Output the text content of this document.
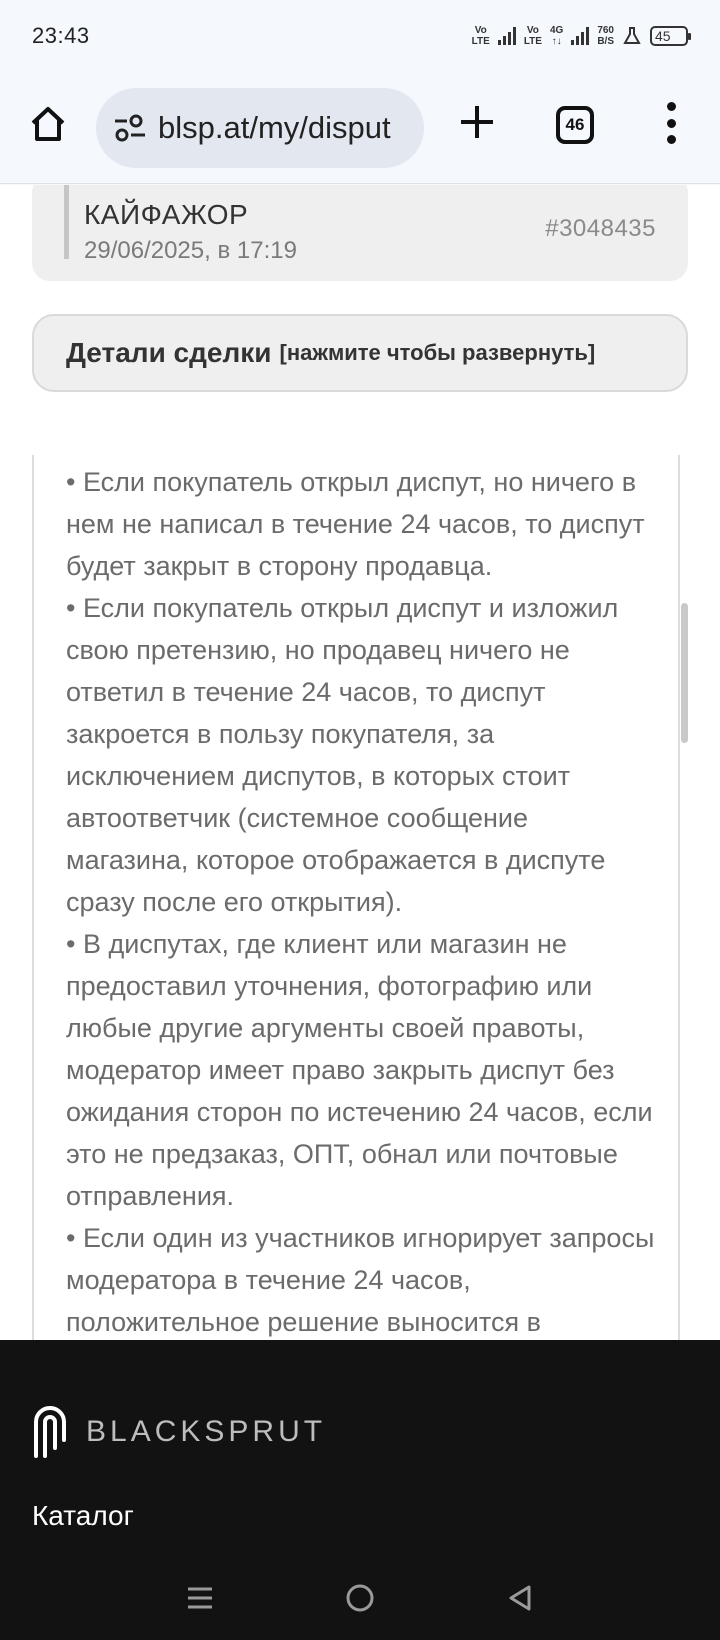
23:43	Vo
LTE
Vo
LTE
4G
↑↓
760
B/S	45
blsp.at/my/disput	46
КАЙФАЖОР
29/06/2025, в 17:19
#3048435
Детали сделки [нажмите чтобы развернуть]

• Если покупатель открыл диспут, но ничего в нем не написал в течение 24 часов, то диспут будет закрыт в сторону продавца.

• Если покупатель открыл диспут и изложил свою претензию, но продавец ничего не ответил в течение 24 часов, то диспут закроется в пользу покупателя, за исключением диспутов, в которых стоит автоответчик (системное сообщение магазина, которое отображается в диспуте сразу после его открытия).

• В диспутах, где клиент или магазин не предоставил уточнения, фотографию или любые другие аргументы своей правоты, модератор имеет право закрыть диспут без ожидания сторон по истечению 24 часов, если это не предзаказ, ОПТ, обнал или почтовые отправления.

• Если один из участников игнорирует запросы модератора в течение 24 часов, положительное решение выносится в

BLACKSPRUT
Каталог
